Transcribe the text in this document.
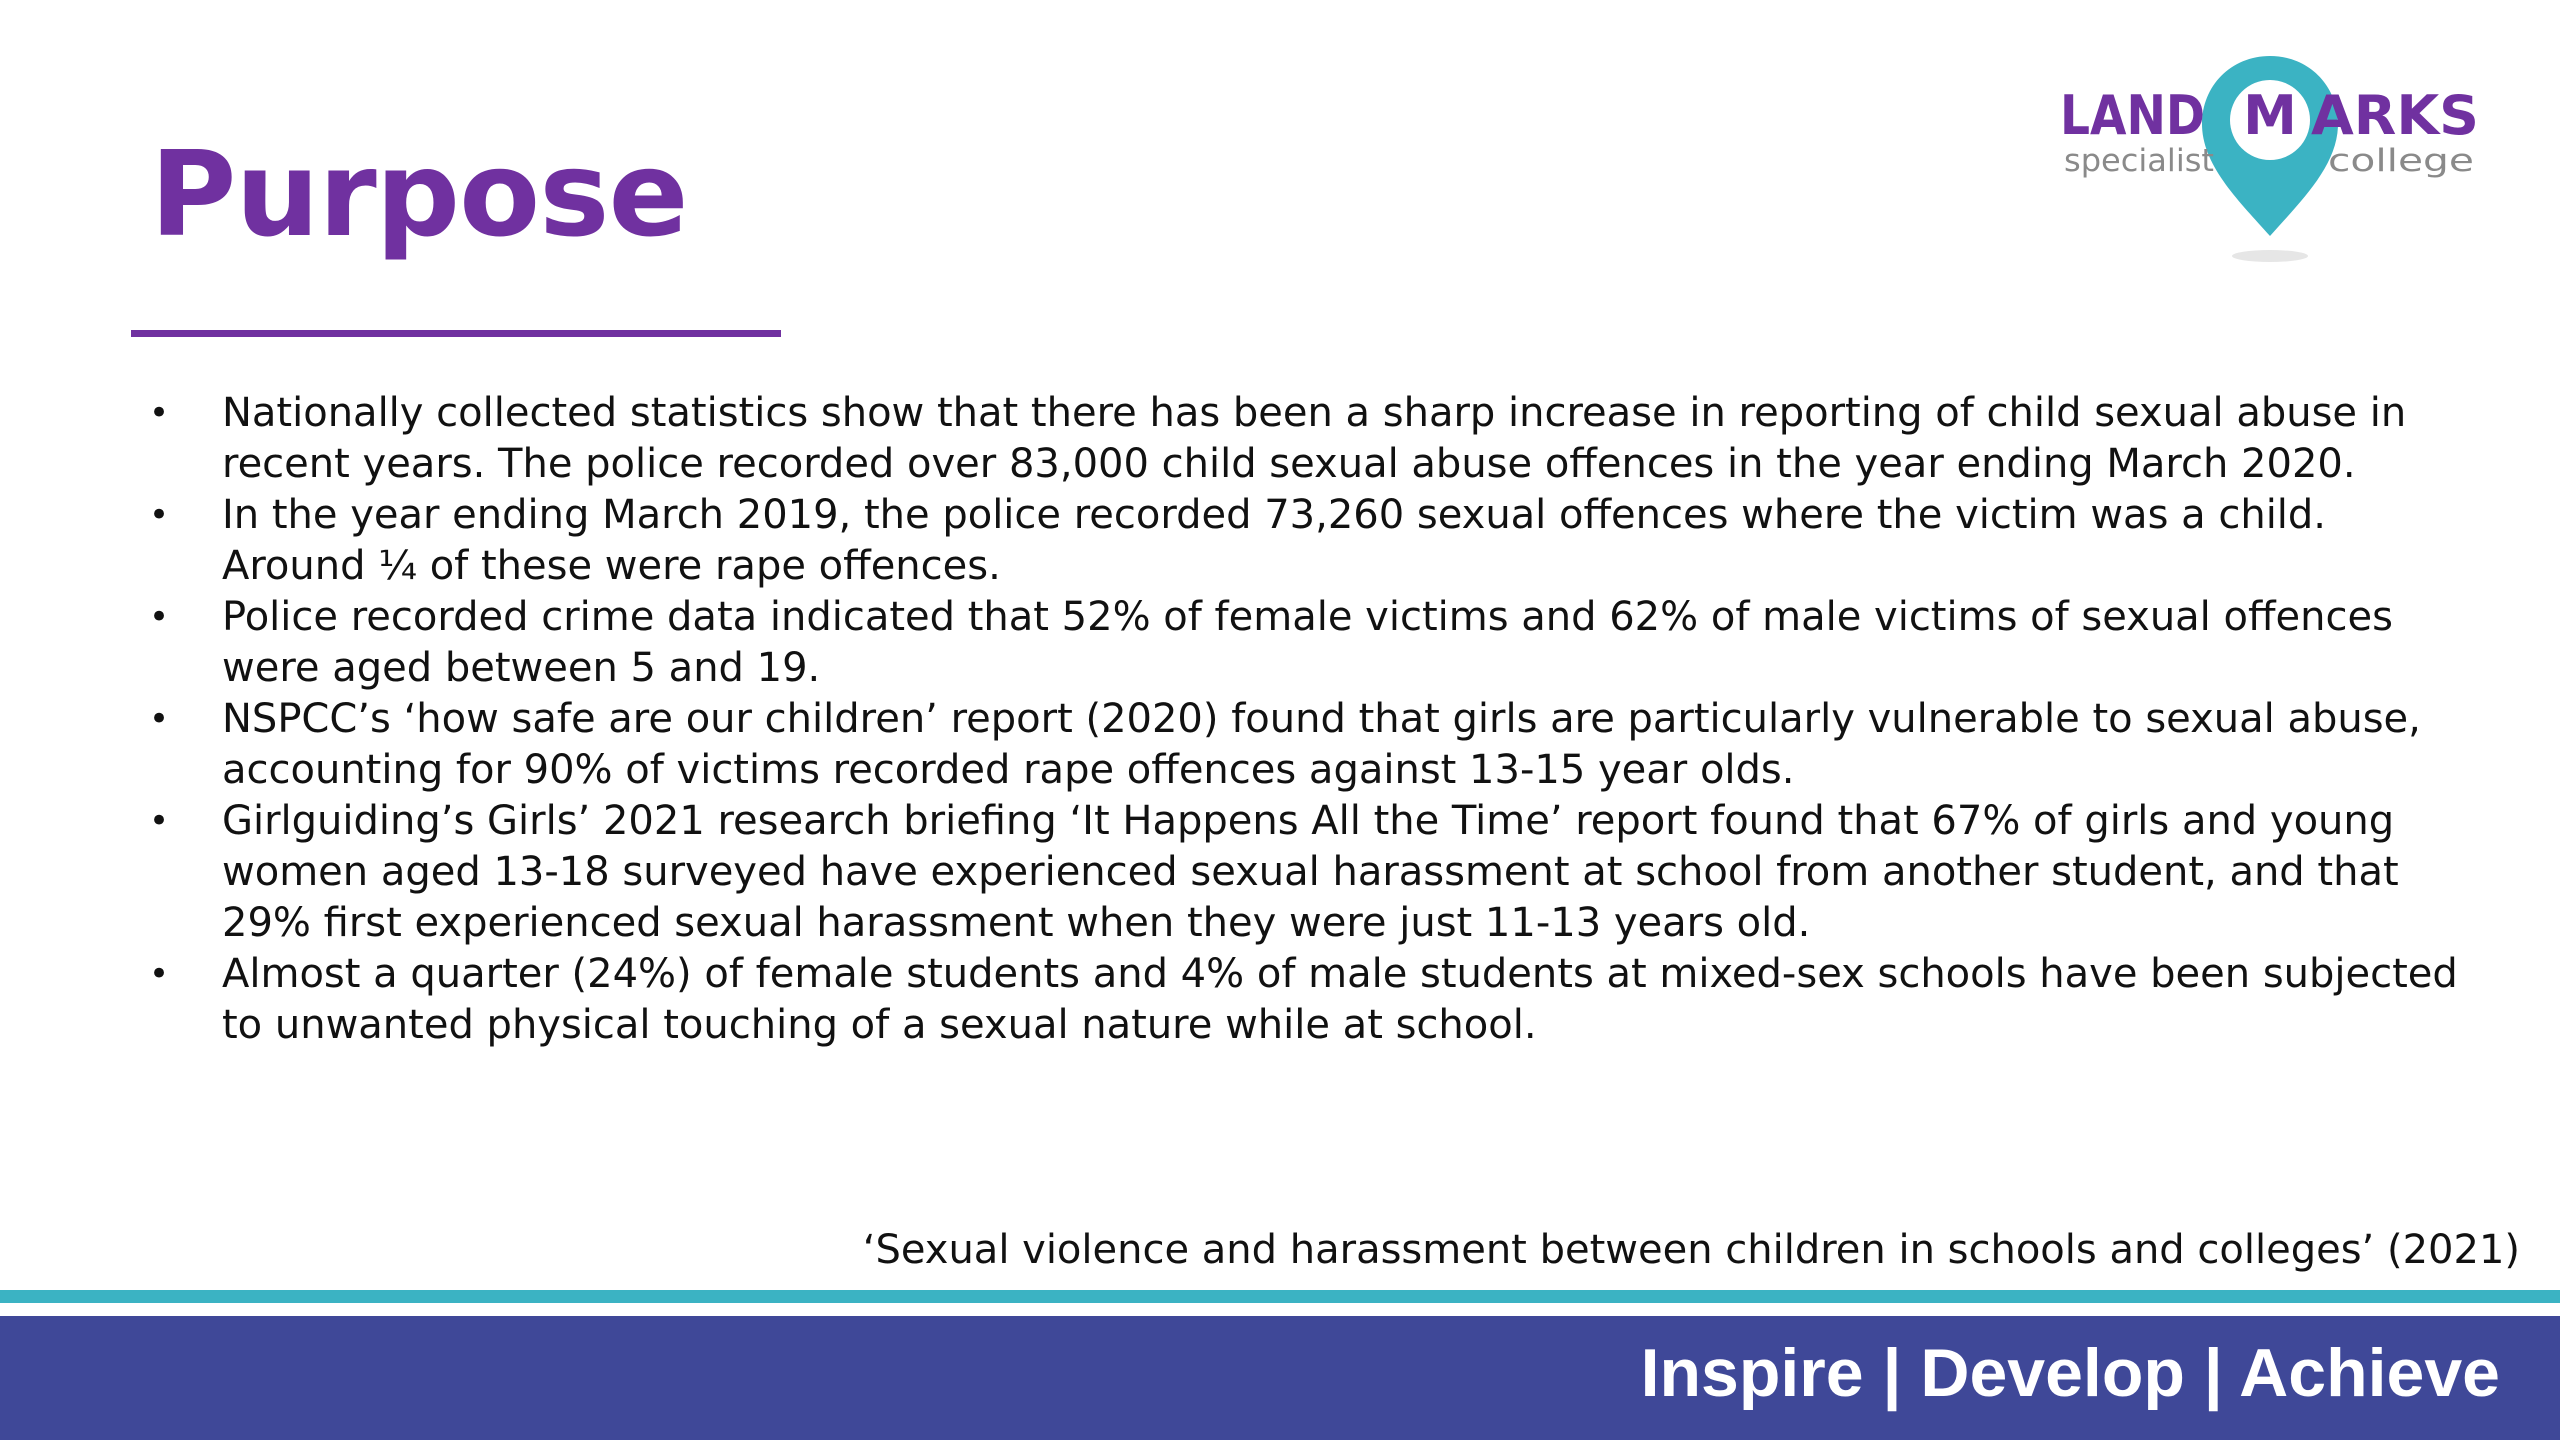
Purpose
LAND M ARKS
specialist	college
• Nationally collected statistics show that there has been a sharp increase in reporting of child sexual abuse in recent years. The police recorded over 83,000 child sexual abuse offences in the year ending March 2020.
• In the year ending March 2019, the police recorded 73,260 sexual offences where the victim was a child. Around ¼ of these were rape offences.
• Police recorded crime data indicated that 52% of female victims and 62% of male victims of sexual offences were aged between 5 and 19.
• NSPCC’s ‘how safe are our children’ report (2020) found that girls are particularly vulnerable to sexual abuse, accounting for 90% of victims recorded rape offences against 13-15 year olds.
• Girlguiding’s Girls’ 2021 research briefing ‘It Happens All the Time’ report found that 67% of girls and young women aged 13-18 surveyed have experienced sexual harassment at school from another student, and that 29% first experienced sexual harassment when they were just 11-13 years old.
• Almost a quarter (24%) of female students and 4% of male students at mixed-sex schools have been subjected to unwanted physical touching of a sexual nature while at school.
‘Sexual violence and harassment between children in schools and colleges’ (2021)
Inspire | Develop | Achieve
